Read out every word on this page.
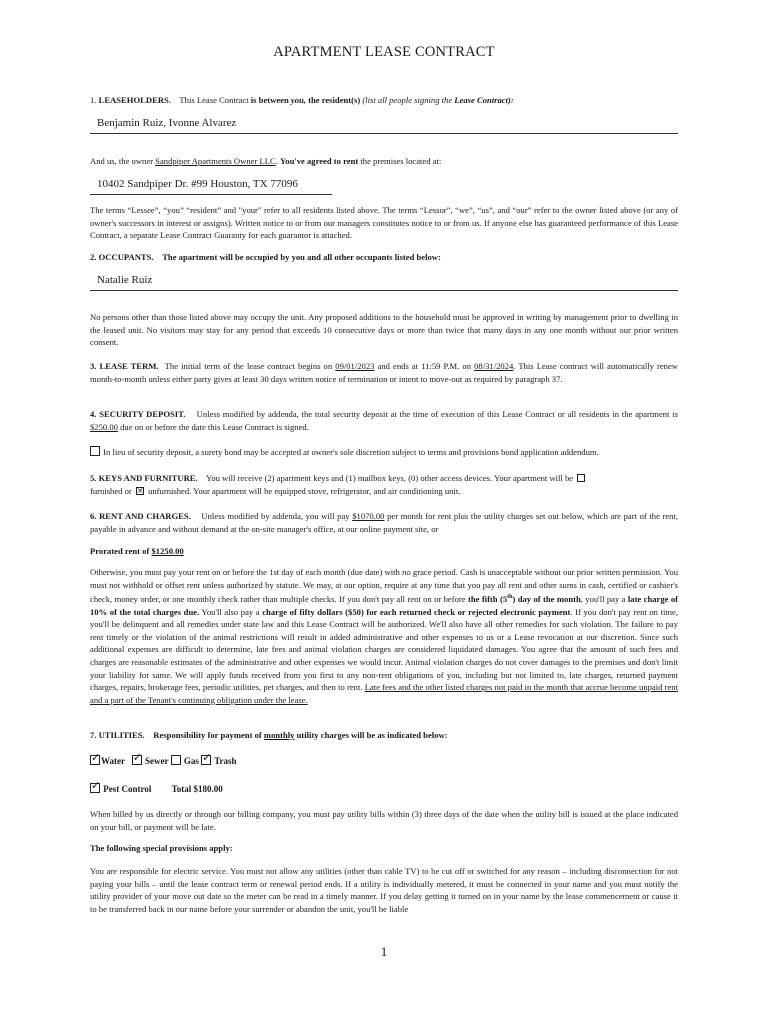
APARTMENT LEASE CONTRACT
1. LEASEHOLDERS. This Lease Contract is between you, the resident(s) (list all people signing the Lease Contract):
Benjamin Ruiz, Ivonne Alvarez
And us, the owner Sandpiper Apartments Owner LLC. You've agreed to rent the premises located at:
10402 Sandpiper Dr. #99 Houston, TX 77096
The terms “Lessee”, “you” “resident” and "your" refer to all residents listed above. The terms “Lessor”, “we”, “us”, and “our” refer to the owner listed above (or any of owner's successors in interest or assigns). Written notice to or from our managers constitutes notice to or from us. If anyone else has guaranteed performance of this Lease Contract, a separate Lease Contract Guaranty for each guarantor is attached.
2. OCCUPANTS. The apartment will be occupied by you and all other occupants listed below:
Natalie Ruiz
No persons other than those listed above may occupy the unit. Any proposed additions to the household must be approved in writing by management prior to dwelling in the leased unit. No visitors may stay for any period that exceeds 10 consecutive days or more than twice that many days in any one month without our prior written consent.
3. LEASE TERM. The initial term of the lease contract begins on 09/01/2023 and ends at 11:59 P.M. on 08/31/2024. This Lease contract will automatically renew month-to-month unless either party gives at least 30 days written notice of termination or intent to move-out as required by paragraph 37.
4. SECURITY DEPOSIT. Unless modified by addenda, the total security deposit at the time of execution of this Lease Contract or all residents in the apartment is $250.00 due on or before the date this Lease Contract is signed.
In lieu of security deposit, a surety bond may be accepted at owner's sole discretion subject to terms and provisions bond application addendum.
5. KEYS AND FURNITURE. You will receive (2) apartment keys and (1) mailbox keys, (0) other access devices. Your apartment will be
furnished or × unfurnished. Your apartment will be equipped stove, refrigerator, and air conditioning unit.
6. RENT AND CHARGES. Unless modified by addenda, you will pay $1070.00 per month for rent plus the utility charges set out below, which are part of the rent, payable in advance and without demand at the on-site manager's office, at our online payment site, or
Prorated rent of $1250.00
Otherwise, you must pay your rent on or before the 1st day of each month (due date) with no grace period. Cash is unacceptable without our prior written permission. You must not withhold or offset rent unless authorized by statute. We may, at our option, require at any time that you pay all rent and other sums in cash, certified or cashier's check, money order, or one monthly check rather than multiple checks. If you don't pay all rent on or before the fifth (5th) day of the month, you'll pay a late charge of 10% of the total charges due. You'll also pay a charge of fifty dollars ($50) for each returned check or rejected electronic payment. If you don't pay rent on time, you'll be delinquent and all remedies under state law and this Lease Contract will be authorized. We'll also have all other remedies for such violation. The failure to pay rent timely or the violation of the animal restrictions will result in added administrative and other expenses to us or a Lease revocation at our discretion. Since such additional expenses are difficult to determine, late fees and animal violation charges are considered liquidated damages. You agree that the amount of such fees and charges are reasonable estimates of the administrative and other expenses we would incur. Animal violation charges do not cover damages to the premises and don't limit your liability for same. We will apply funds received from you first to any non-rent obligations of you, including but not limited to, late charges, returned payment charges, repairs, brokerage fees, periodic utilities, pet charges, and then to rent. Late fees and the other listed charges not paid in the month that accrue become unpaid rent and a part of the Tenant's continuing obligation under the lease.
7. UTILITIES. Responsibility for payment of monthly utility charges will be as indicated below:
✓Water ✓ Sewer Gas ✓ Trash
✓ Pest Control Total $180.00
When billed by us directly or through our billing company, you must pay utility bills within (3) three days of the date when the utility bill is issued at the place indicated on your bill, or payment will be late.
The following special provisions apply:
You are responsible for electric service. You must not allow any utilities (other than cable TV) to be cut off or switched for any reason – including disconnection for not paying your bills – until the lease contract term or renewal period ends. If a utility is individually metered, it must be connected in your name and you must notify the utility provider of your move out date so the meter can be read in a timely manner. If you delay getting it turned on in your name by the lease commencement or cause it to be transferred back in our name before your surrender or abandon the unit, you'll be liable
1
